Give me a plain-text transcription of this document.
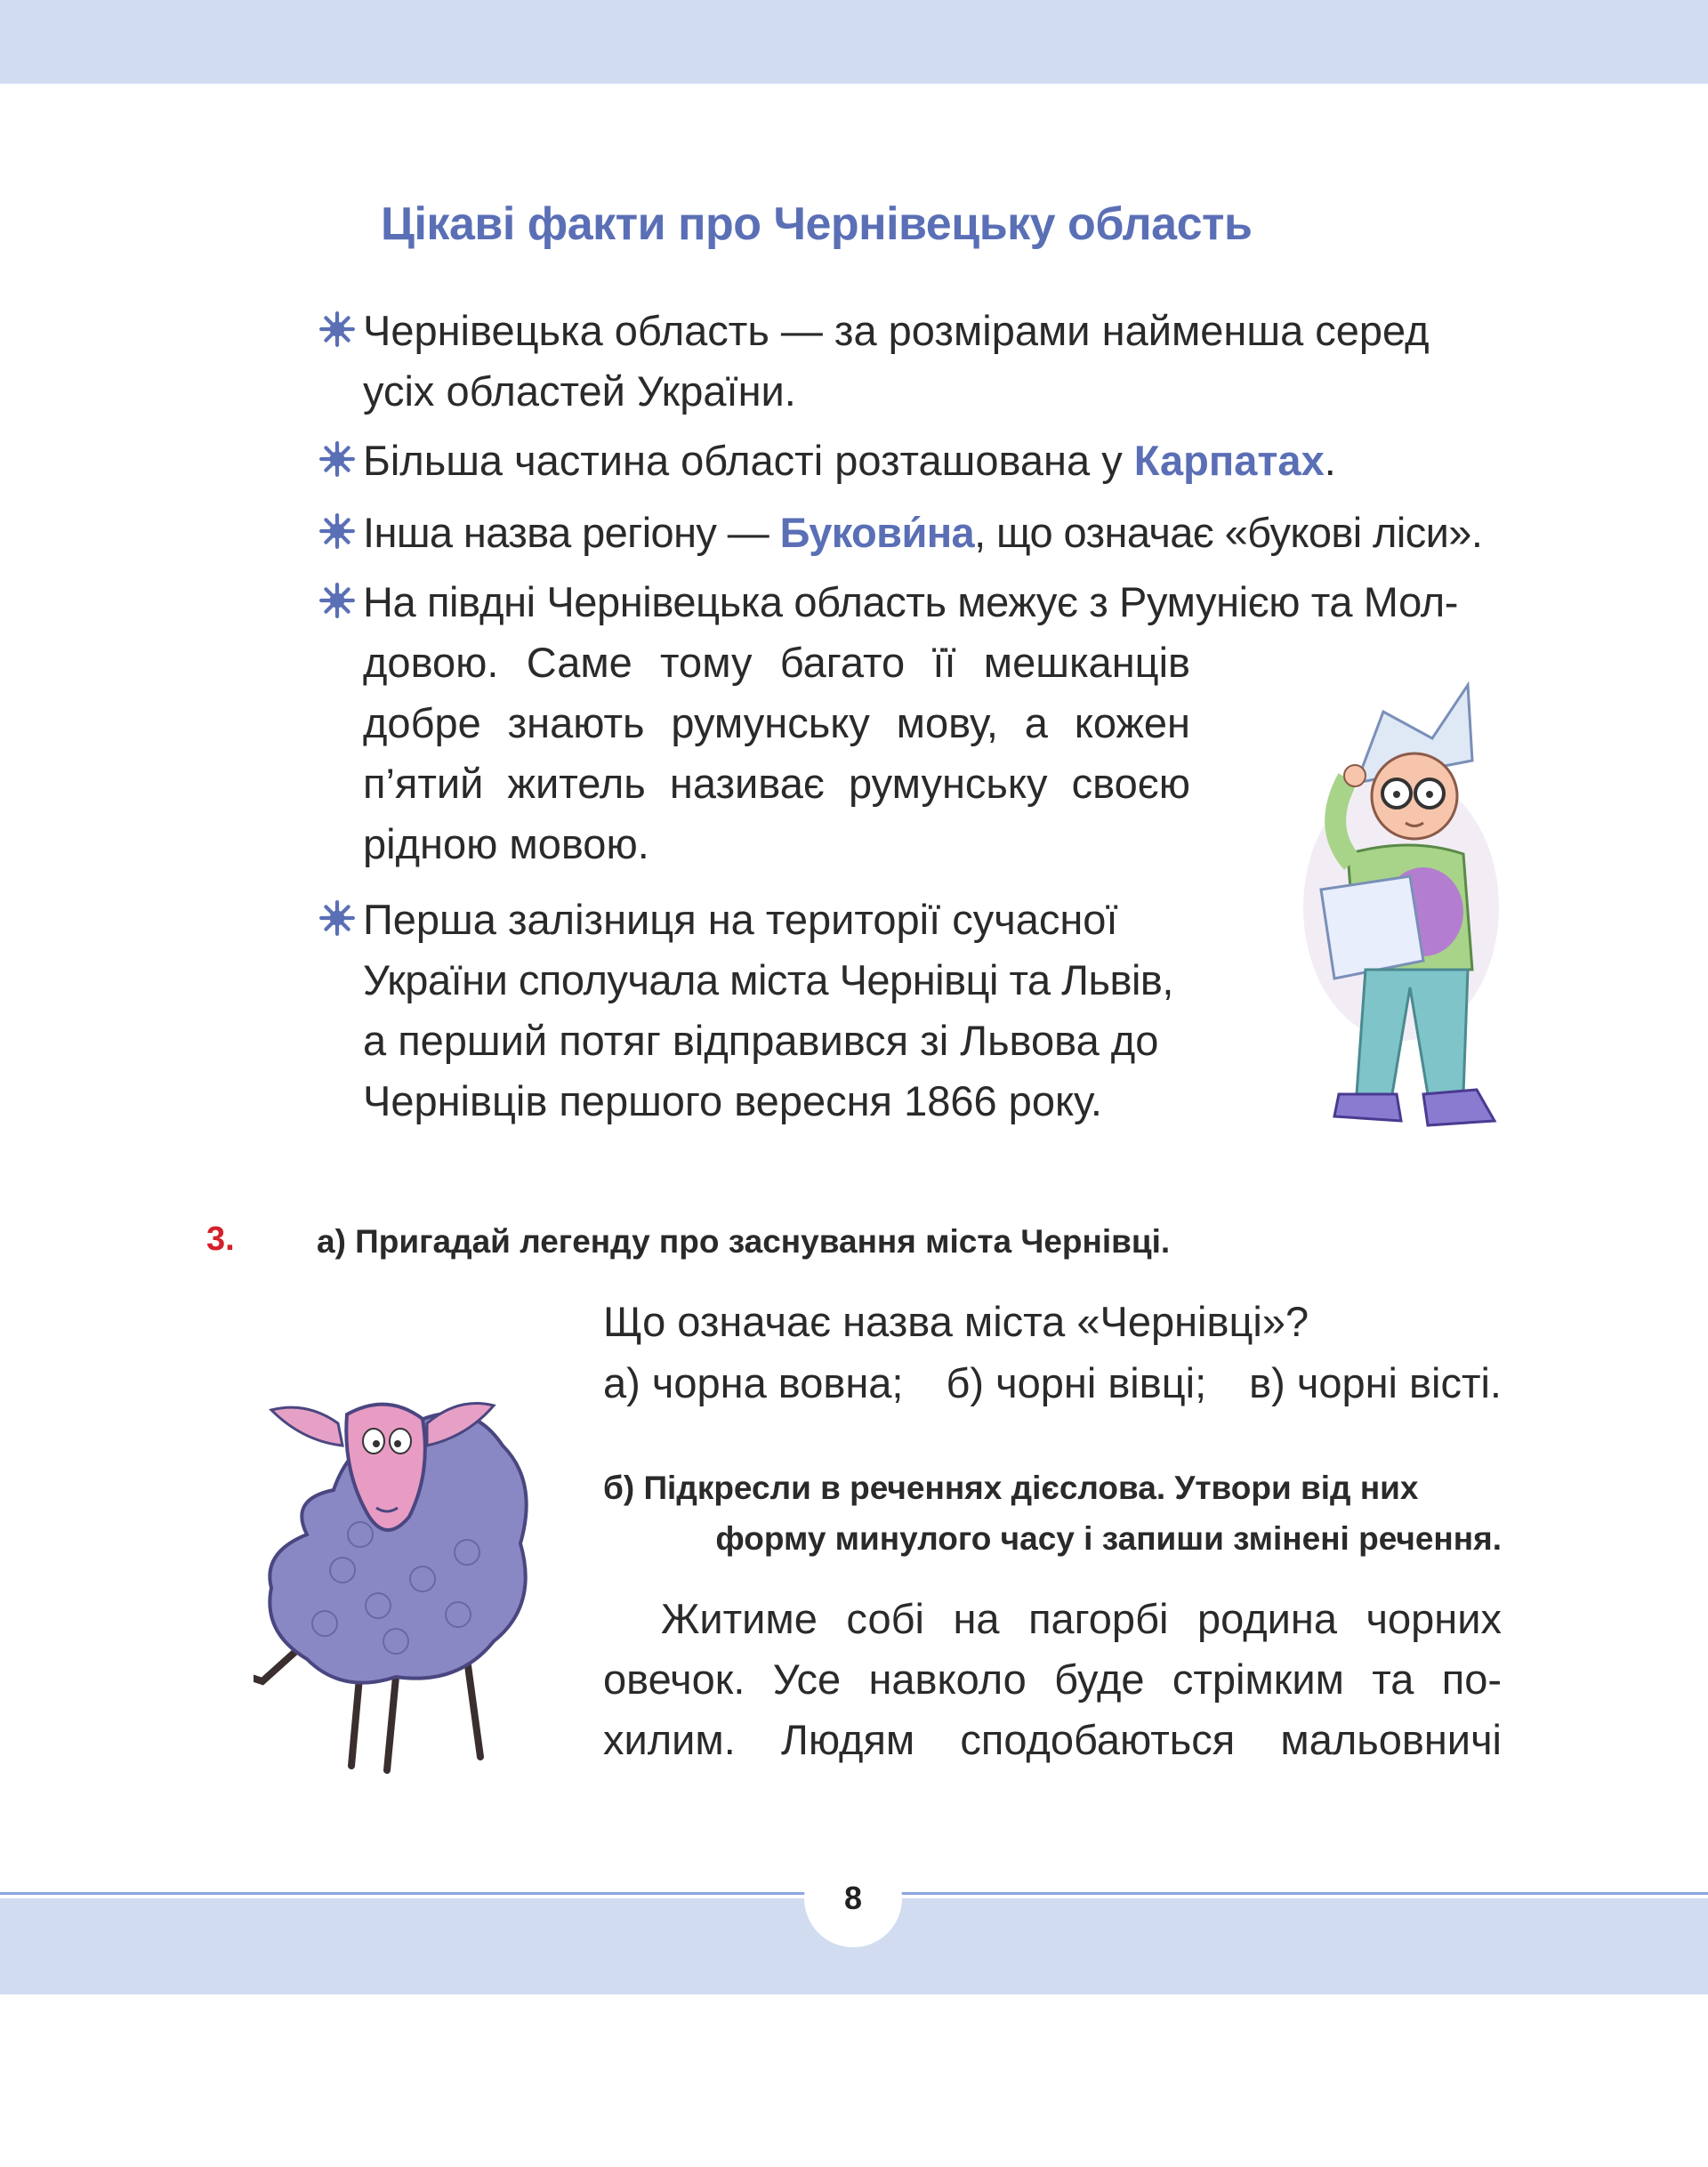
Цікаві факти про Чернівецьку область
Чернівецька область — за розмірами найменша серед
усіх областей України.
Більша частина області розташована у Карпатах.
Інша назва регіону — Букови́на, що означає «букові ліси».
На півдні Чернівецька область межує з Румунією та Мол-
довою. Саме тому багато її мешканців
добре знають румунську мову, а кожен
п’ятий житель називає румунську своєю
рідною мовою.
Перша залізниця на території сучасної
України сполучала міста Чернівці та Львів,
а перший потяг відправився зі Львова до
Чернівців першого вересня 1866 року.
3. а) Пригадай легенду про заснування міста Чернівці.
Що означає назва міста «Чернівці»?
а) чорна вовна; б) чорні вівці; в) чорні вісті.
б) Підкресли в реченнях дієслова. Утвори від них
форму минулого часу і запиши змінені речення.
Житиме собі на пагорбі родина чорних
овечок. Усе навколо буде стрімким та по-
хилим. Людям сподобаються мальовничі
8
